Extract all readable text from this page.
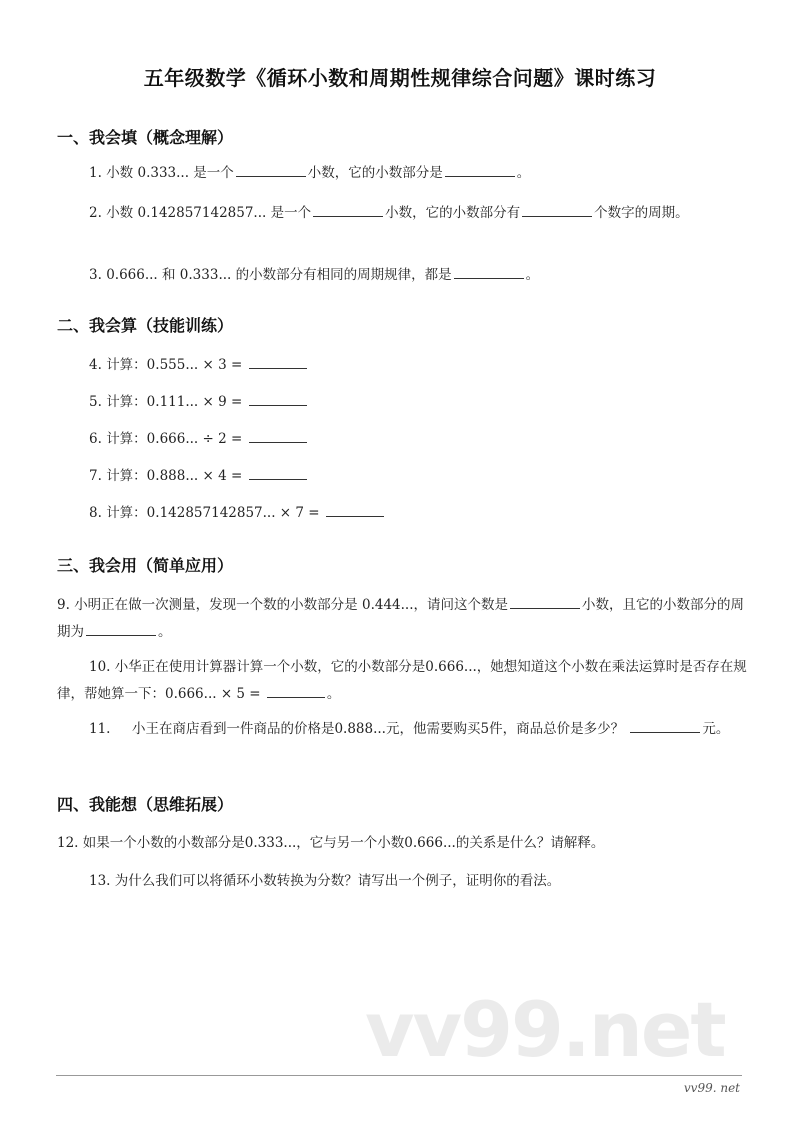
五年级数学《循环小数和周期性规律综合问题》课时练习
一、我会填（概念理解）
1. 小数 0.333... 是一个	小数，它的小数部分是	。
2. 小数 0.142857142857... 是一个	小数，它的小数部分有	个数字的周期。
3. 0.666... 和 0.333... 的小数部分有相同的周期规律，都是	。
二、我会算（技能训练）
4. 计算：0.555... × 3 =
5. 计算：0.111... × 9 =
6. 计算：0.666... ÷ 2 =
7. 计算：0.888... × 4 =
8. 计算：0.142857142857... × 7 =
三、我会用（简单应用）
9. 小明正在做一次测量，发现一个数的小数部分是 0.444...，请问这个数是	小数，且它的小数部分的周期为	。
10. 小华正在使用计算器计算一个小数，它的小数部分是0.666...，她想知道这个小数在乘法运算时是否存在规律，帮她算一下：0.666... × 5 =	。
11. 小王在商店看到一件商品的价格是0.888...元，他需要购买5件，商品总价是多少？	元。
四、我能想（思维拓展）
12. 如果一个小数的小数部分是0.333...，它与另一个小数0.666...的关系是什么？请解释。
13. 为什么我们可以将循环小数转换为分数？请写出一个例子，证明你的看法。
vv99.net
vv99. net
